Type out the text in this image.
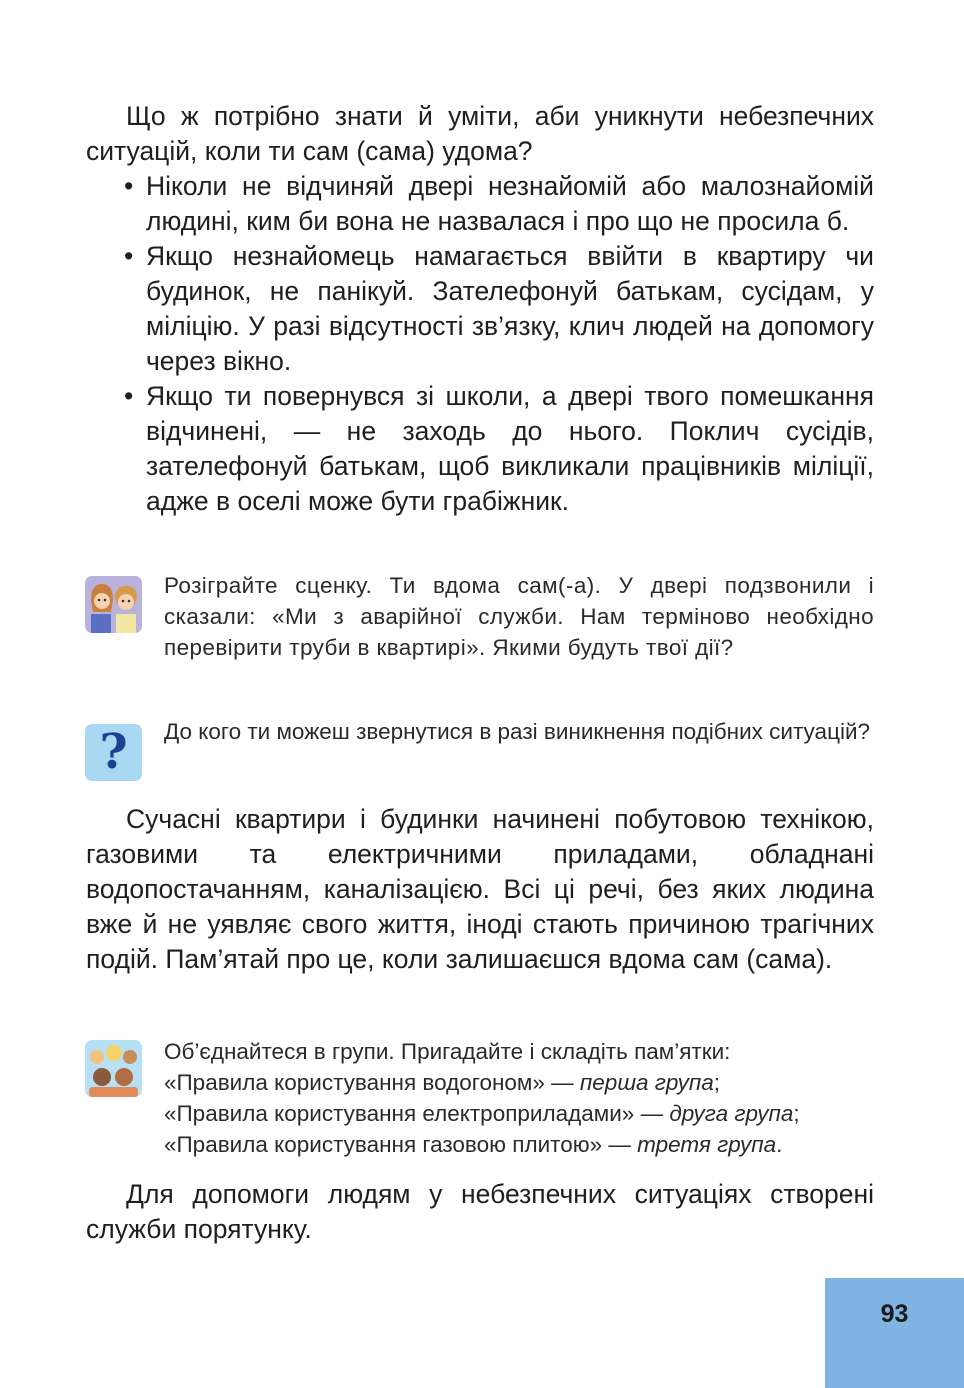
Що ж потрібно знати й уміти, аби уникнути небезпечних ситуацій, коли ти сам (сама) удома?

• Ніколи не відчиняй двері незнайомій або малознайомій людині, ким би вона не назвалася і про що не просила б.
• Якщо незнайомець намагається ввійти в квартиру чи будинок, не панікуй. Зателефонуй батькам, сусідам, у міліцію. У разі відсутності зв’язку, клич людей на допомогу через вікно.
• Якщо ти повернувся зі школи, а двері твого помешкання відчинені, — не заходь до нього. Поклич сусідів, зателефонуй батькам, щоб викликали працівників міліції, адже в оселі може бути грабіжник.

Розіграйте сценку. Ти вдома сам(-а). У двері подзвонили і сказали: «Ми з аварійної служби. Нам терміново необхідно перевірити труби в квартирі». Якими будуть твої дії?

?	До кого ти можеш звернутися в разі виникнення подібних ситуацій?

Сучасні квартири і будинки начинені побутовою технікою, газовими та електричними приладами, обладнані водопостачанням, каналізацією. Всі ці речі, без яких людина вже й не уявляє свого життя, іноді стають причиною трагічних подій. Пам’ятай про це, коли залишаєшся вдома сам (сама).

Об’єднайтеся в групи. Пригадайте і складіть пам’ятки:

«Правила користування водогоном» — перша група;

«Правила користування електроприладами» — друга група;

«Правила користування газовою плитою» — третя група.

Для допомоги людям у небезпечних ситуаціях створені служби порятунку.

93
